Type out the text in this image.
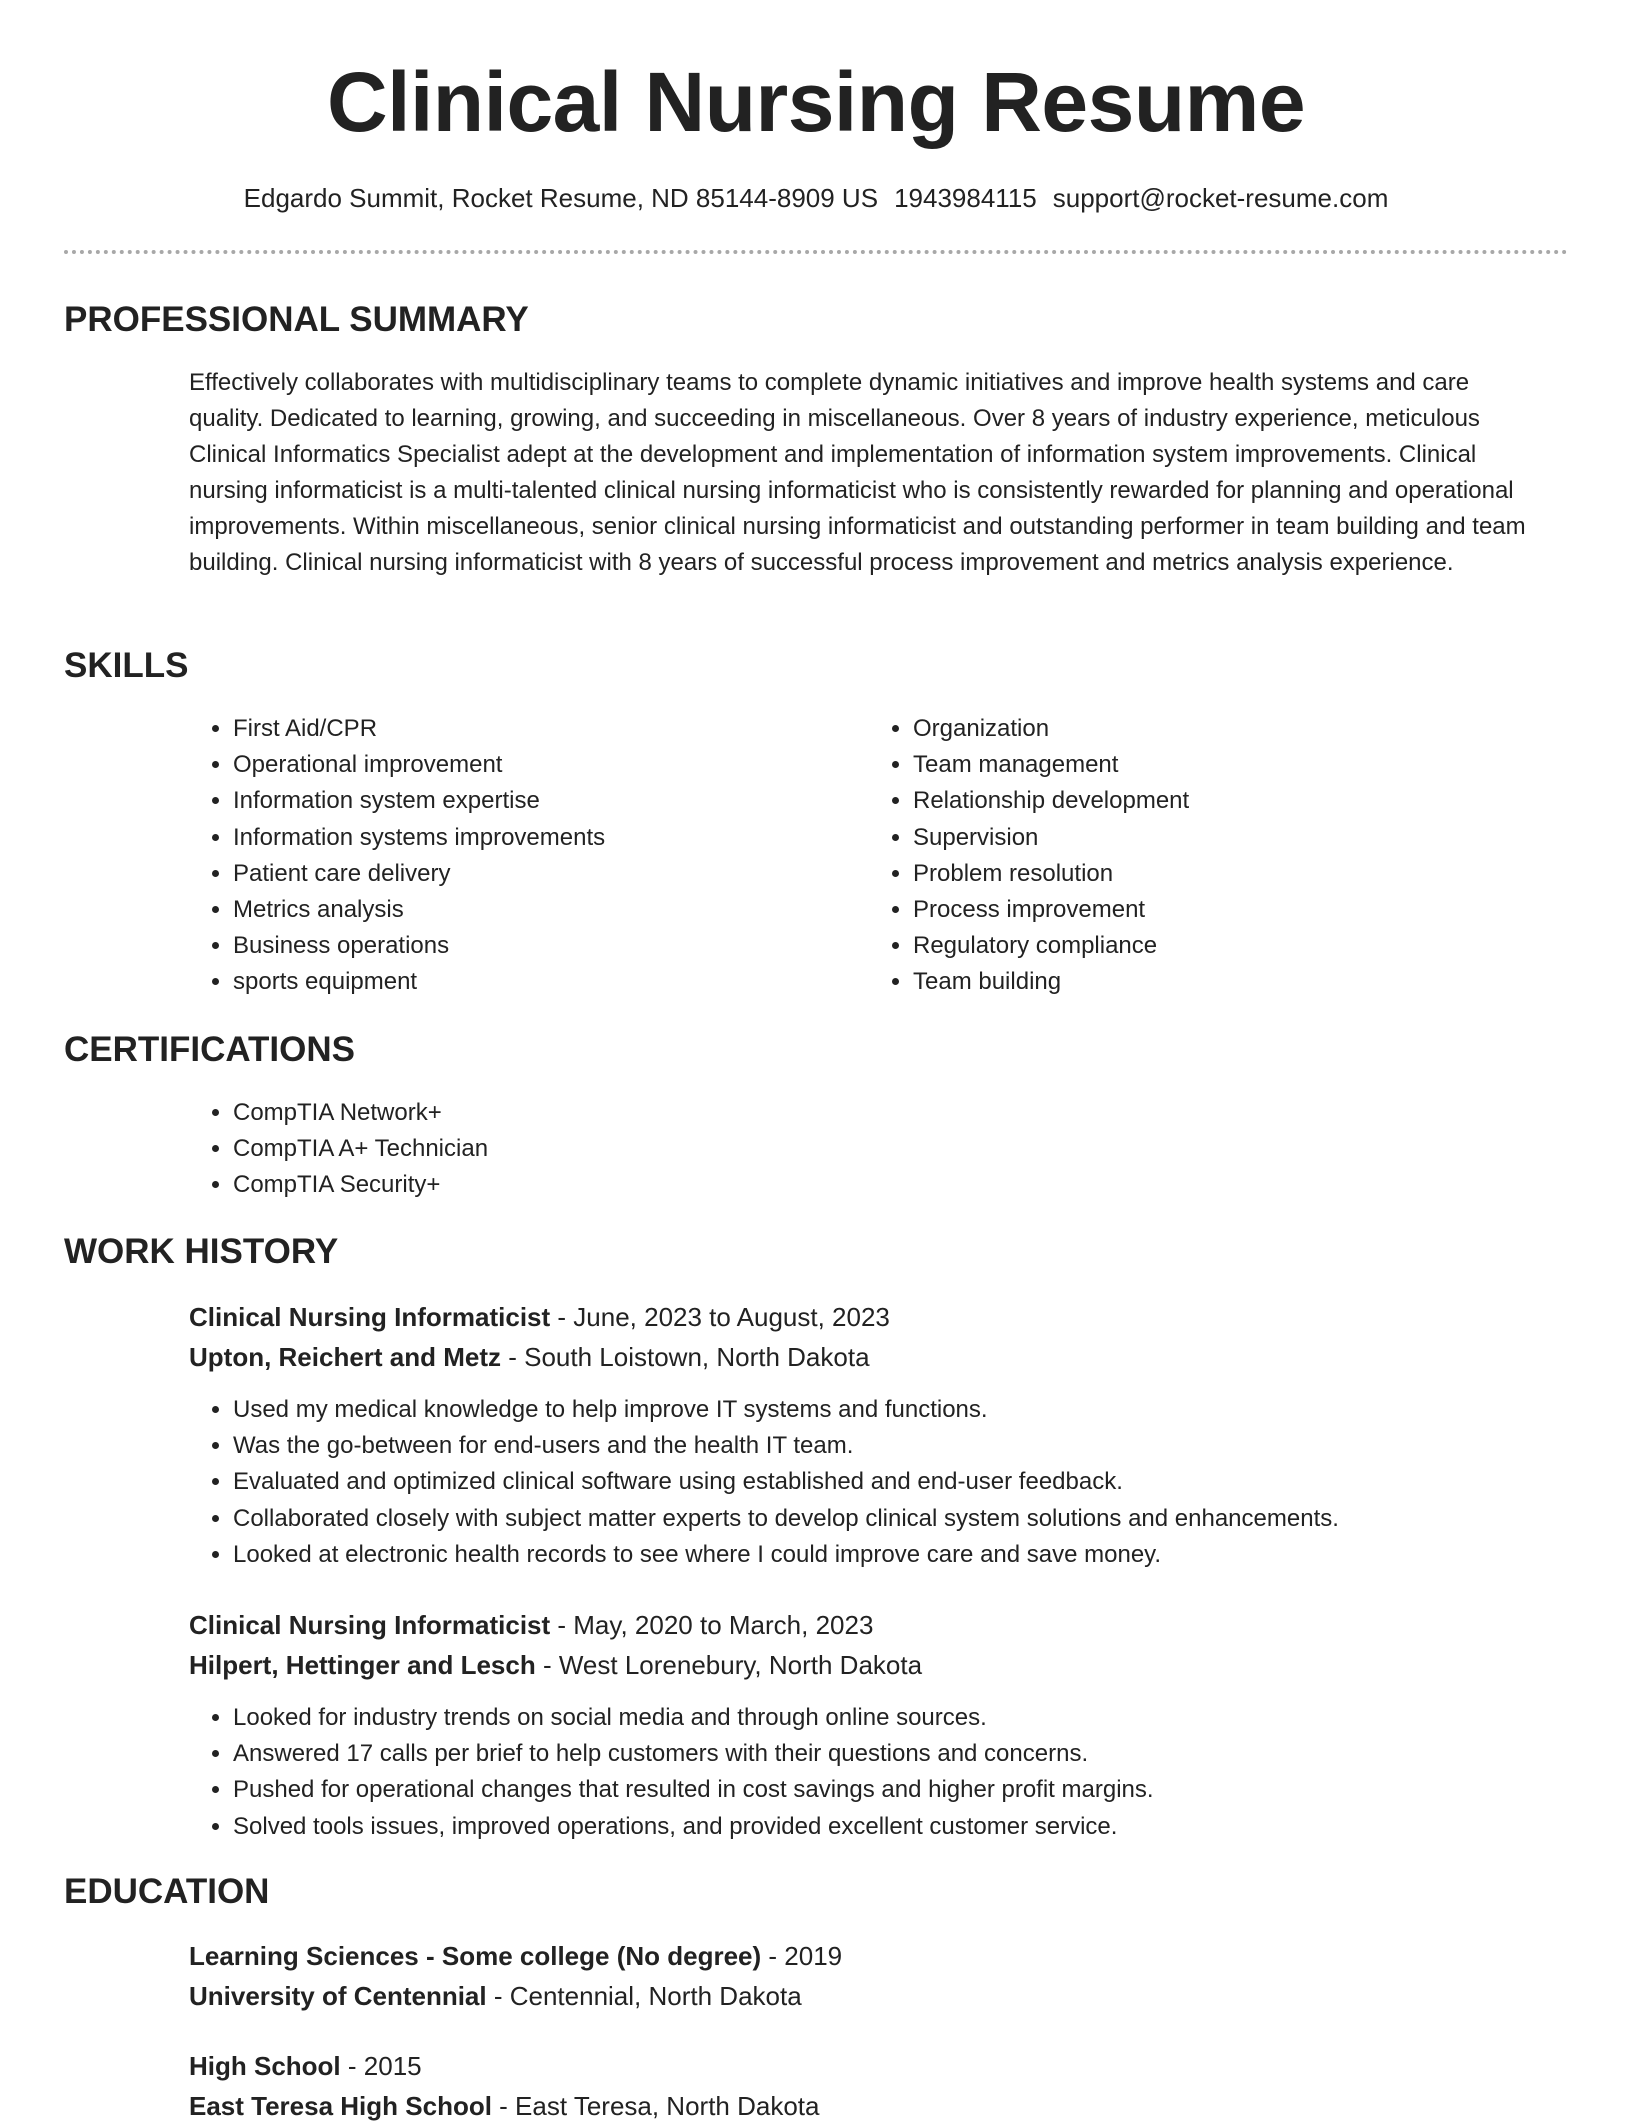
Clinical Nursing Resume
Edgardo Summit, Rocket Resume, ND 85144-8909 US 1943984115 support@rocket-resume.com
PROFESSIONAL SUMMARY

Effectively collaborates with multidisciplinary teams to complete dynamic initiatives and improve health systems and care quality. Dedicated to learning, growing, and succeeding in miscellaneous. Over 8 years of industry experience, meticulous Clinical Informatics Specialist adept at the development and implementation of information system improvements. Clinical nursing informaticist is a multi-talented clinical nursing informaticist who is consistently rewarded for planning and operational improvements. Within miscellaneous, senior clinical nursing informaticist and outstanding performer in team building and team building. Clinical nursing informaticist with 8 years of successful process improvement and metrics analysis experience.

SKILLS
• First Aid/CPR
• Operational improvement
• Information system expertise
• Information systems improvements
• Patient care delivery
• Metrics analysis
• Business operations
• sports equipment
• Organization
• Team management
• Relationship development
• Supervision
• Problem resolution
• Process improvement
• Regulatory compliance
• Team building
CERTIFICATIONS
• CompTIA Network+
• CompTIA A+ Technician
• CompTIA Security+
WORK HISTORY
Clinical Nursing Informaticist - June, 2023 to August, 2023
Upton, Reichert and Metz - South Loistown, North Dakota
• Used my medical knowledge to help improve IT systems and functions.
• Was the go-between for end-users and the health IT team.
• Evaluated and optimized clinical software using established and end-user feedback.
• Collaborated closely with subject matter experts to develop clinical system solutions and enhancements.
• Looked at electronic health records to see where I could improve care and save money.
Clinical Nursing Informaticist - May, 2020 to March, 2023
Hilpert, Hettinger and Lesch - West Lorenebury, North Dakota
• Looked for industry trends on social media and through online sources.
• Answered 17 calls per brief to help customers with their questions and concerns.
• Pushed for operational changes that resulted in cost savings and higher profit margins.
• Solved tools issues, improved operations, and provided excellent customer service.
EDUCATION
Learning Sciences - Some college (No degree) - 2019
University of Centennial - Centennial, North Dakota
High School - 2015
East Teresa High School - East Teresa, North Dakota
